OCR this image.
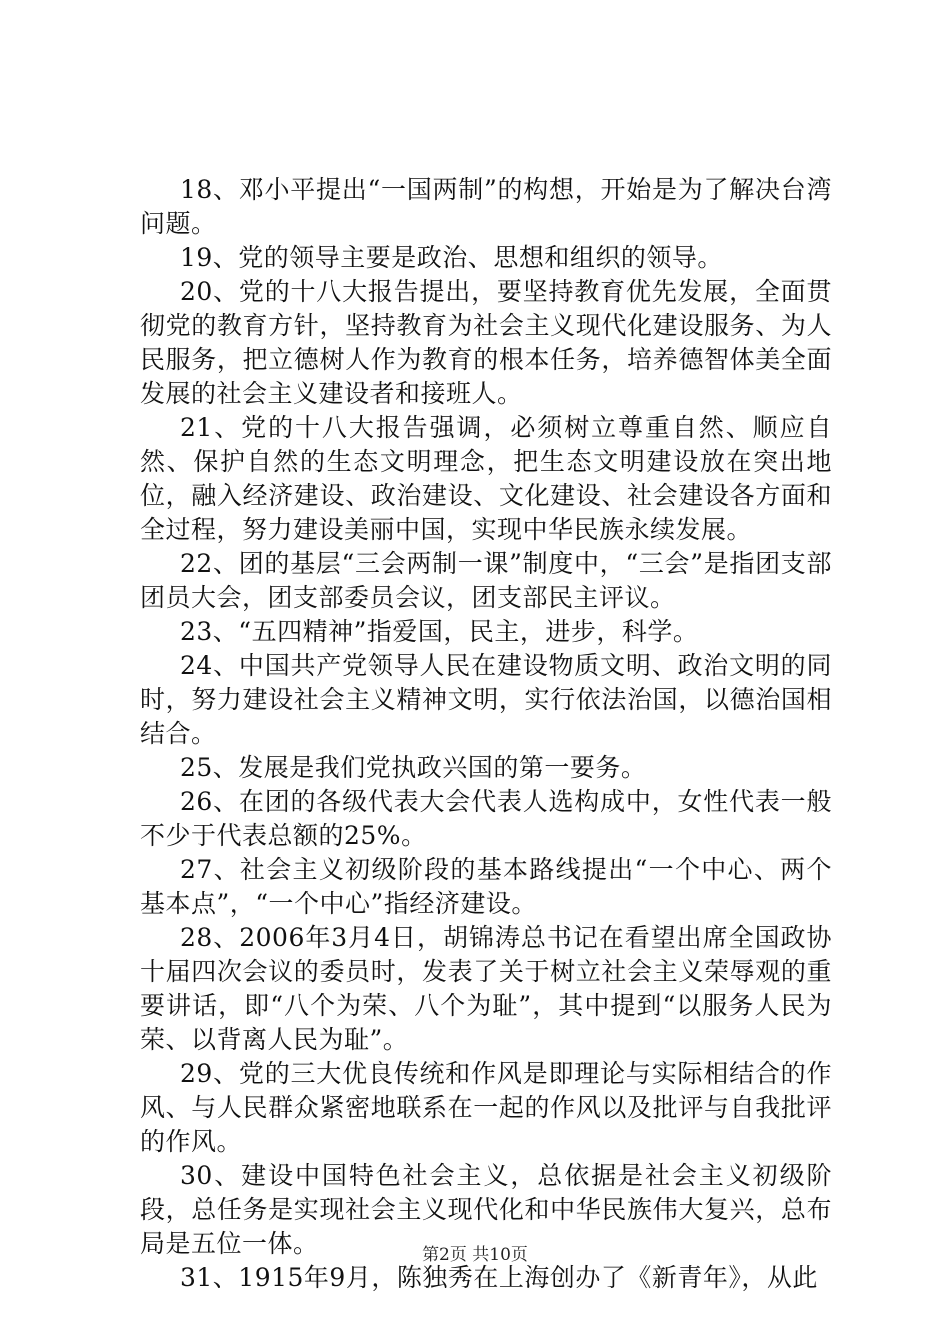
18、邓小平提出“一国两制”的构想，开始是为了解决台湾问题。

19、党的领导主要是政治、思想和组织的领导。

20、党的十八大报告提出，要坚持教育优先发展，全面贯彻党的教育方针，坚持教育为社会主义现代化建设服务、为人民服务，把立德树人作为教育的根本任务，培养德智体美全面发展的社会主义建设者和接班人。

21、党的十八大报告强调，必须树立尊重自然、顺应自然、保护自然的生态文明理念，把生态文明建设放在突出地位，融入经济建设、政治建设、文化建设、社会建设各方面和全过程，努力建设美丽中国，实现中华民族永续发展。

22、团的基层“三会两制一课”制度中，“三会”是指团支部团员大会，团支部委员会议，团支部民主评议。

23、“五四精神”指爱国，民主，进步，科学。

24、中国共产党领导人民在建设物质文明、政治文明的同时，努力建设社会主义精神文明，实行依法治国，以德治国相结合。

25、发展是我们党执政兴国的第一要务。

26、在团的各级代表大会代表人选构成中，女性代表一般不少于代表总额的25%。

27、社会主义初级阶段的基本路线提出“一个中心、两个基本点”，“一个中心”指经济建设。

28、2006年3月4日，胡锦涛总书记在看望出席全国政协十届四次会议的委员时，发表了关于树立社会主义荣辱观的重要讲话，即“八个为荣、八个为耻”，其中提到“以服务人民为荣、以背离人民为耻”。

29、党的三大优良传统和作风是即理论与实际相结合的作风、与人民群众紧密地联系在一起的作风以及批评与自我批评的作风。

30、建设中国特色社会主义，总依据是社会主义初级阶段，总任务是实现社会主义现代化和中华民族伟大复兴，总布局是五位一体。

31、1915年9月，陈独秀在上海创办了《新青年》，从此

第2页 共10页
